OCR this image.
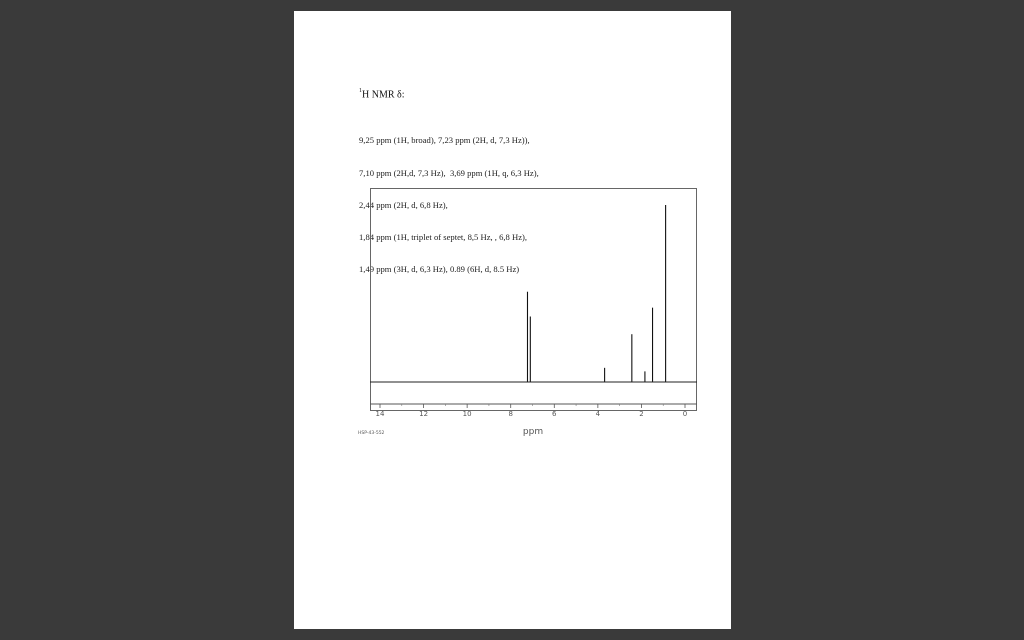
$^1$H NMR δ:

9,25 ppm (1H, broad), 7,23 ppm (2H, d, 7,3 Hz)),

7,10 ppm (2H,d, 7,3 Hz),  3,69 ppm (1H, q, 6,3 Hz),

2,44 ppm (2H, d, 6,8 Hz),

1,84 ppm (1H, triplet of septet, 8,5 Hz, , 6,8 Hz),

1,49 ppm (3H, d, 6,3 Hz), 0.89 (6H, d, 8.5 Hz)

14	12	10	8	6	4	2	0
ppm
HSP-43-552
